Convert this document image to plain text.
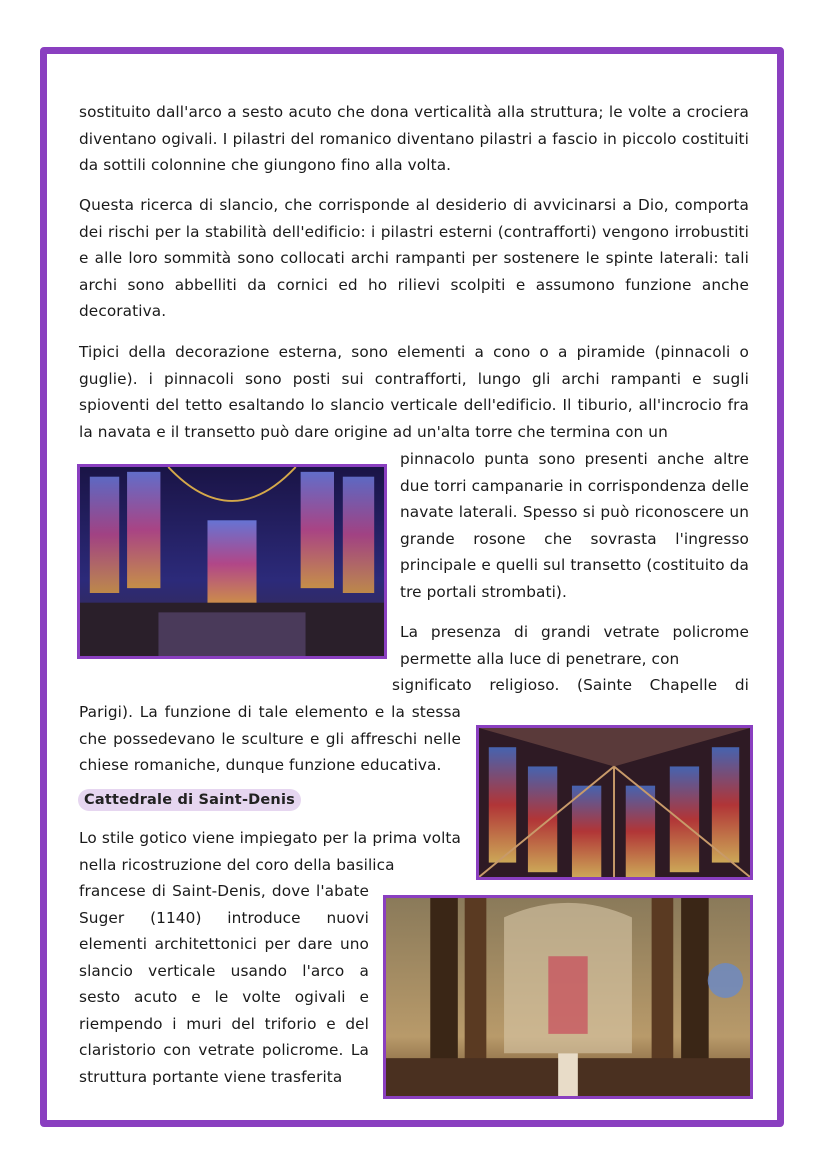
sostituito dall'arco a sesto acuto che dona verticalità alla struttura; le volte a crociera diventano ogivali. I pilastri del romanico diventano pilastri a fascio in piccolo costituiti da sottili colonnine che giungono fino alla volta.

Questa ricerca di slancio, che corrisponde al desiderio di avvicinarsi a Dio, comporta dei rischi per la stabilità dell'edificio: i pilastri esterni (contrafforti) vengono irrobustiti e alle loro sommità sono collocati archi rampanti per sostenere le spinte laterali: tali archi sono abbelliti da cornici ed ho rilievi scolpiti e assumono funzione anche decorativa.

Tipici della decorazione esterna, sono elementi a cono o a piramide (pinnacoli o guglie). i pinnacoli sono posti sui contrafforti, lungo gli archi rampanti e sugli spioventi del tetto esaltando lo slancio verticale dell'edificio. Il tiburio, all'incrocio fra la navata e il transetto può dare origine ad un'alta torre che termina con un

pinnacolo punta sono presenti anche altre due torri campanarie in corrispondenza delle navate laterali. Spesso si può riconoscere un grande rosone che sovrasta l'ingresso principale e quelli sul transetto (costituito da tre portali strombati).

La presenza di grandi vetrate policrome permette alla luce di penetrare, con

significato religioso. (Sainte Chapelle di

Parigi). La funzione di tale elemento e la stessa che possedevano le sculture e gli affreschi nelle chiese romaniche, dunque funzione educativa.

Cattedrale di Saint-Denis

Lo stile gotico viene impiegato per la prima volta nella ricostruzione del coro della basilica

francese di Saint-Denis, dove l'abate Suger (1140) introduce nuovi elementi architettonici per dare uno slancio verticale usando l'arco a sesto acuto e le volte ogivali e riempendo i muri del triforio e del claristorio con vetrate policrome. La struttura portante viene trasferita
